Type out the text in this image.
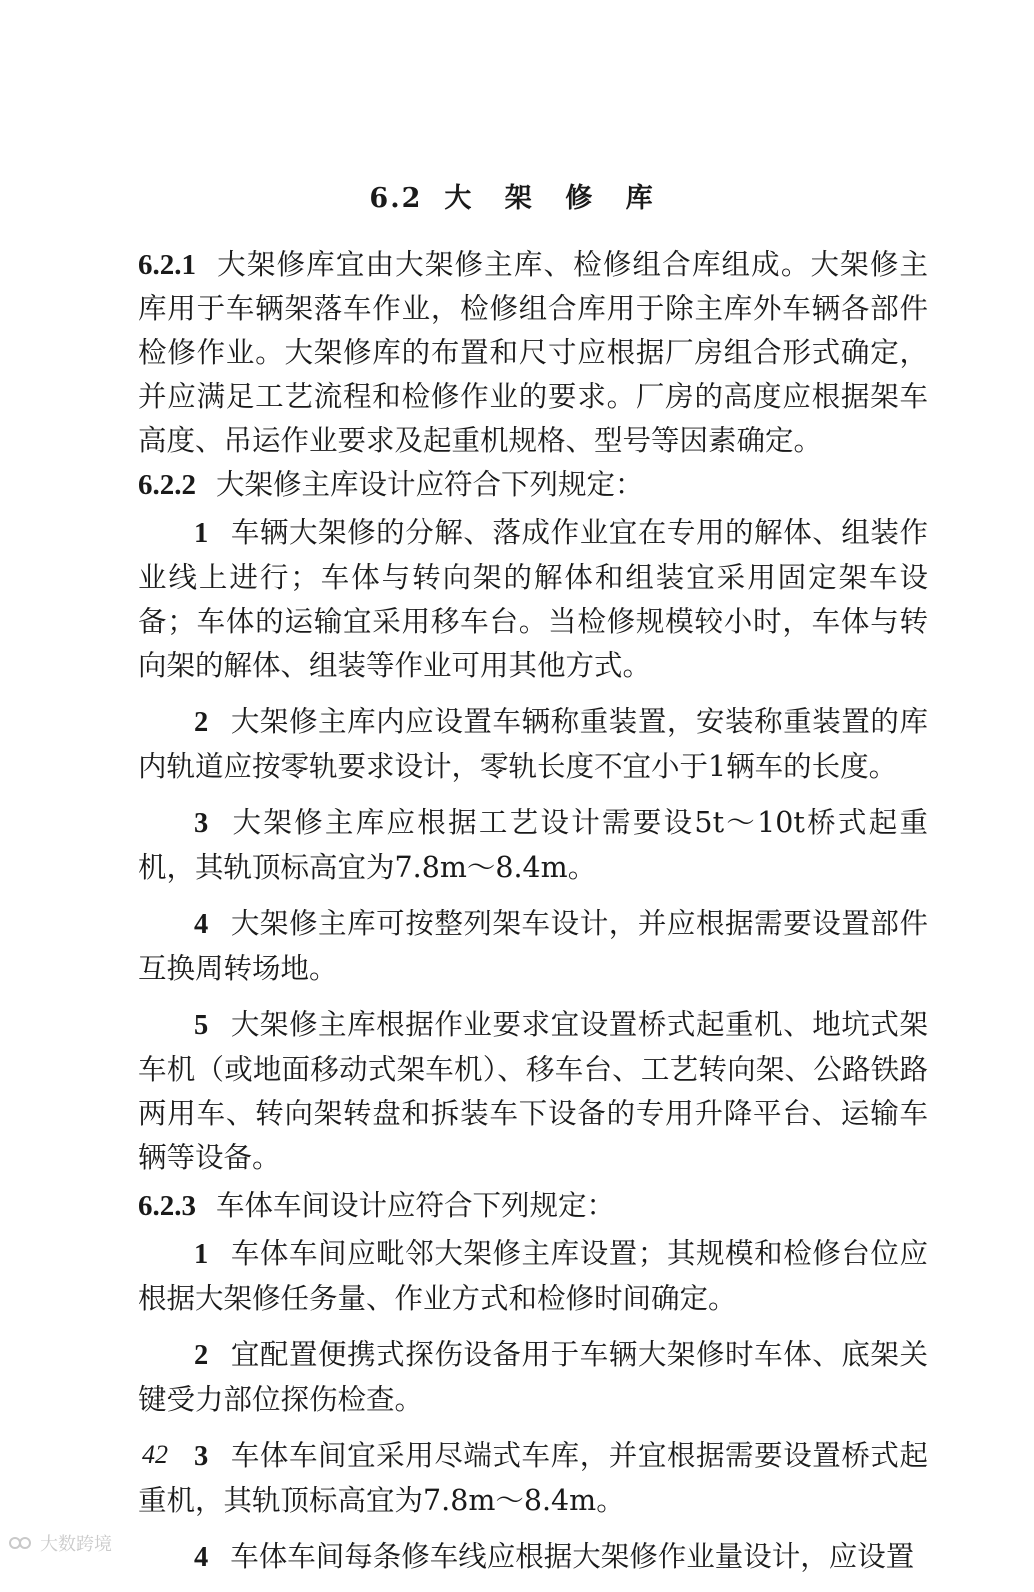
6.2 大 架 修 库
6.2.1 大架修库宜由大架修主库、检修组合库组成。大架修主库用于车辆架落车作业，检修组合库用于除主库外车辆各部件检修作业。大架修库的布置和尺寸应根据厂房组合形式确定，并应满足工艺流程和检修作业的要求。厂房的高度应根据架车高度、吊运作业要求及起重机规格、型号等因素确定。
6.2.2 大架修主库设计应符合下列规定：
1 车辆大架修的分解、落成作业宜在专用的解体、组装作业线上进行；车体与转向架的解体和组装宜采用固定架车设备；车体的运输宜采用移车台。当检修规模较小时，车体与转向架的解体、组装等作业可用其他方式。
2 大架修主库内应设置车辆称重装置，安装称重装置的库内轨道应按零轨要求设计，零轨长度不宜小于1辆车的长度。
3 大架修主库应根据工艺设计需要设5t～10t桥式起重机，其轨顶标高宜为7.8m～8.4m。
4 大架修主库可按整列架车设计，并应根据需要设置部件互换周转场地。
5 大架修主库根据作业要求宜设置桥式起重机、地坑式架车机（或地面移动式架车机）、移车台、工艺转向架、公路铁路两用车、转向架转盘和拆装车下设备的专用升降平台、运输车辆等设备。
6.2.3 车体车间设计应符合下列规定：
1 车体车间应毗邻大架修主库设置；其规模和检修台位应根据大架修任务量、作业方式和检修时间确定。
2 宜配置便携式探伤设备用于车辆大架修时车体、底架关键受力部位探伤检查。
3 车体车间宜采用尽端式车库，并宜根据需要设置桥式起重机，其轨顶标高宜为7.8m～8.4m。
4 车体车间每条修车线应根据大架修作业量设计，应设置
42
大数跨境
